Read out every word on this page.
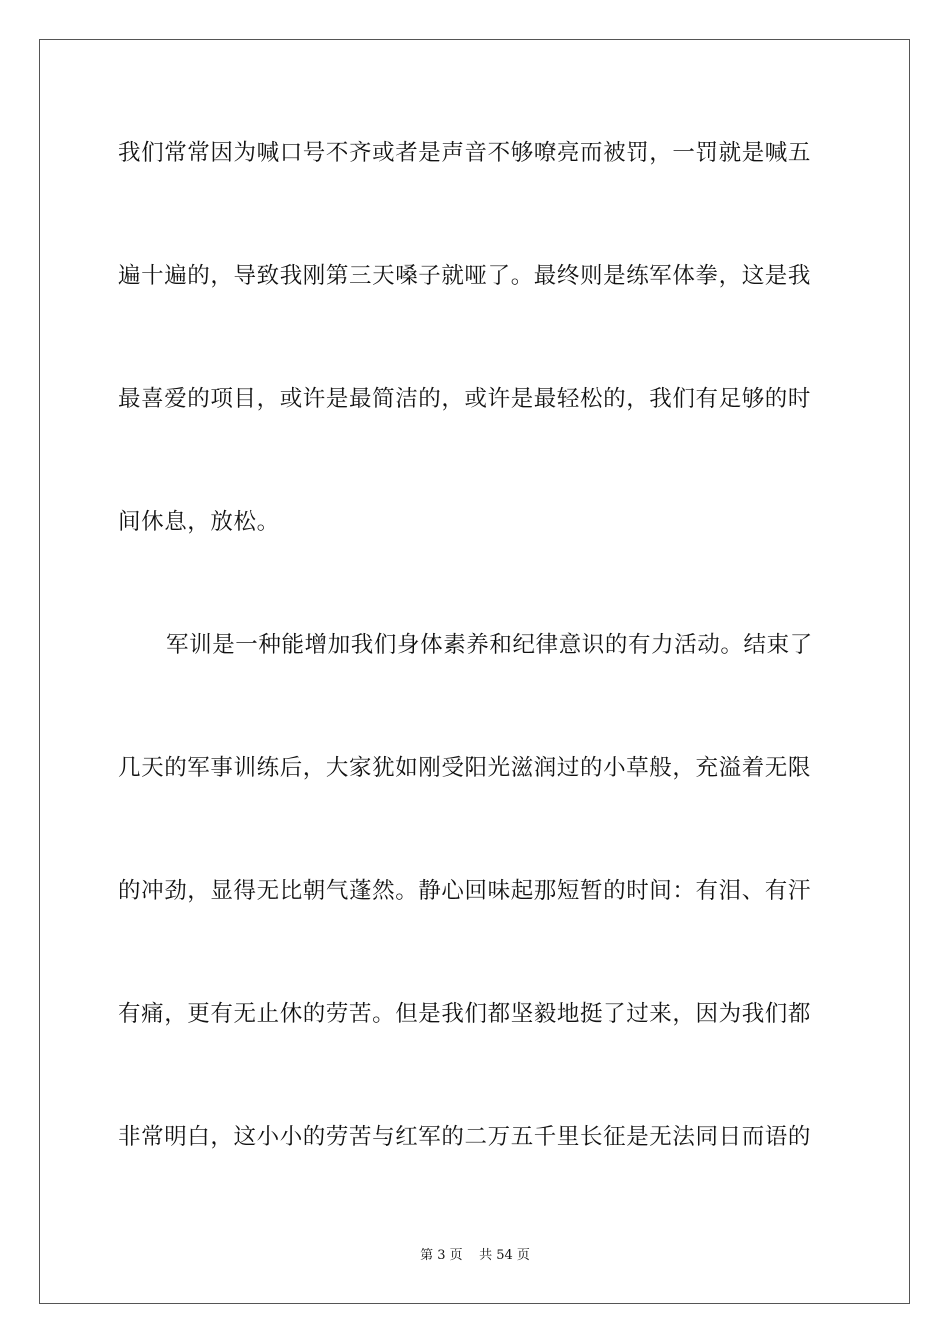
我们常常因为喊口号不齐或者是声音不够嘹亮而被罚，一罚就是喊五
遍十遍的，导致我刚第三天嗓子就哑了。最终则是练军体拳，这是我
最喜爱的项目，或许是最简洁的，或许是最轻松的，我们有足够的时
间休息，放松。
军训是一种能增加我们身体素养和纪律意识的有力活动。结束了
几天的军事训练后，大家犹如刚受阳光滋润过的小草般，充溢着无限
的冲劲，显得无比朝气蓬然。静心回味起那短暂的时间：有泪、有汗
有痛，更有无止休的劳苦。但是我们都坚毅地挺了过来，因为我们都
非常明白，这小小的劳苦与红军的二万五千里长征是无法同日而语的
第 3 页    共 54 页
